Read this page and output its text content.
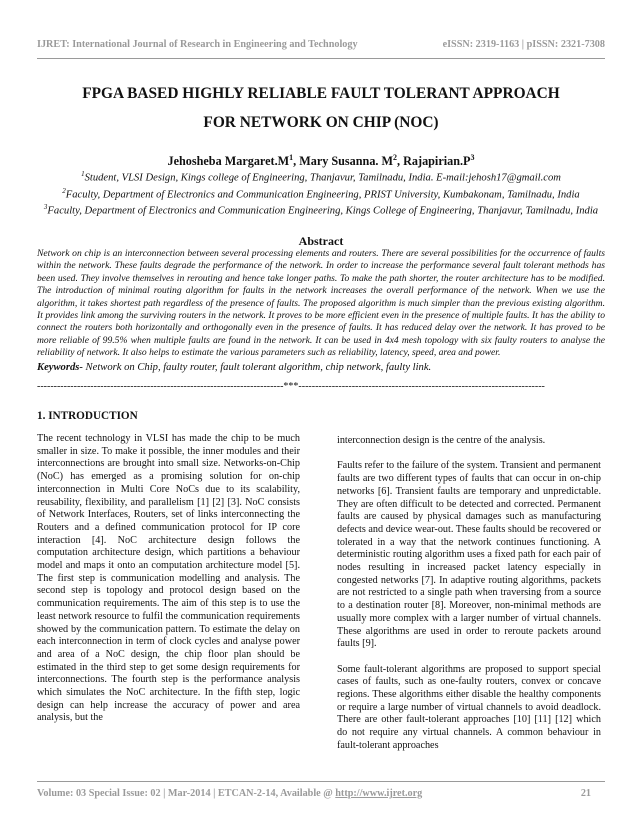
IJRET: International Journal of Research in Engineering and Technology	eISSN: 2319-1163 | pISSN: 2321-7308
FPGA BASED HIGHLY RELIABLE FAULT TOLERANT APPROACH
FOR NETWORK ON CHIP (NOC)
Jehosheba $Margaret.M^1$, Mary Susanna. $M^2$, $Rajapirian.P^3$
$^1$Student, VLSI Design, Kings college of Engineering, Thanjavur, Tamilnadu, India. E-mail:jehosh17@gmail.com
$^2$Faculty, Department of Electronics and Communication Engineering, PRIST University, Kumbakonam, Tamilnadu, India
$^3$Faculty, Department of Electronics and Communication Engineering, Kings College of Engineering, Thanjavur, Tamilnadu, India
Abstract
Network on chip is an interconnection between several processing elements and routers. There are several possibilities for the occurrence of faults within the network. These faults degrade the performance of the network. In order to increase the performance several fault tolerant methods has been used. They involve themselves in rerouting and hence take longer paths. To make the path shorter, the router architecture has to be modified. The introduction of minimal routing algorithm for faults in the network increases the overall performance of the network. When we use the algorithm, it takes shortest path regardless of the presence of faults. The proposed algorithm is much simpler than the previous existing algorithm. It provides link among the surviving routers in the network. It proves to be more efficient even in the presence of multiple faults. It has the ability to connect the routers both horizontally and orthogonally even in the presence of faults. It has reduced delay over the network. It has proved to be more reliable of 99.5% when multiple faults are found in the network. It can be used in 4x4 mesh topology with six faulty routers to analyse the reliability of network. It also helps to estimate the various parameters such as reliability, latency, speed, area and power.
Keywords- Network on Chip, faulty router, fault tolerant algorithm, chip network, faulty link.
--------------------------------------------------------------------------***--------------------------------------------------------------------------
1. INTRODUCTION

The recent technology in VLSI has made the chip to be much smaller in size. To make it possible, the inner modules and their interconnections are brought into small size. Networks-on-Chip (NoC) has emerged as a promising solution for on-chip interconnection in Multi Core NoCs due to its scalability, reusability, flexibility, and parallelism [1] [2] [3]. NoC consists of Network Interfaces, Routers, set of links interconnecting the Routers and a defined communication protocol for IP core interaction [4]. NoC architecture design follows the computation architecture design, which partitions a behaviour model and maps it onto an computation architecture model [5]. The first step is communication modelling and analysis. The second step is topology and protocol design based on the communication requirements. The aim of this step is to use the least network resource to fulfil the communication requirements showed by the communication pattern. To estimate the delay on each interconnection in term of clock cycles and analyse power and area of a NoC design, the chip floor plan should be estimated in the third step to get some design requirements for interconnections. The fourth step is the performance analysis which simulates the NoC architecture. In the fifth step, logic design can help increase the accuracy of power and area analysis, but the

interconnection design is the centre of the analysis.

Faults refer to the failure of the system. Transient and permanent faults are two different types of faults that can occur in on-chip networks [6]. Transient faults are temporary and unpredictable. They are often difficult to be detected and corrected. Permanent faults are caused by physical damages such as manufacturing defects and device wear-out. These faults should be recovered or tolerated in a way that the network continues functioning. A deterministic routing algorithm uses a fixed path for each pair of nodes resulting in increased packet latency especially in congested networks [7]. In adaptive routing algorithms, packets are not restricted to a single path when traversing from a source to a destination router [8]. Moreover, non-minimal methods are usually more complex with a larger number of virtual channels. These algorithms are used in order to reroute packets around faults [9].

Some fault-tolerant algorithms are proposed to support special cases of faults, such as one-faulty routers, convex or concave regions. These algorithms either disable the healthy components or require a large number of virtual channels to avoid deadlock. There are other fault-tolerant approaches [10] [11] [12] which do not require any virtual channels. A common behaviour in fault-tolerant approaches

Volume: 03 Special Issue: 02 | Mar-2014 | ETCAN-2-14, Available @ http://www.ijret.org	21
